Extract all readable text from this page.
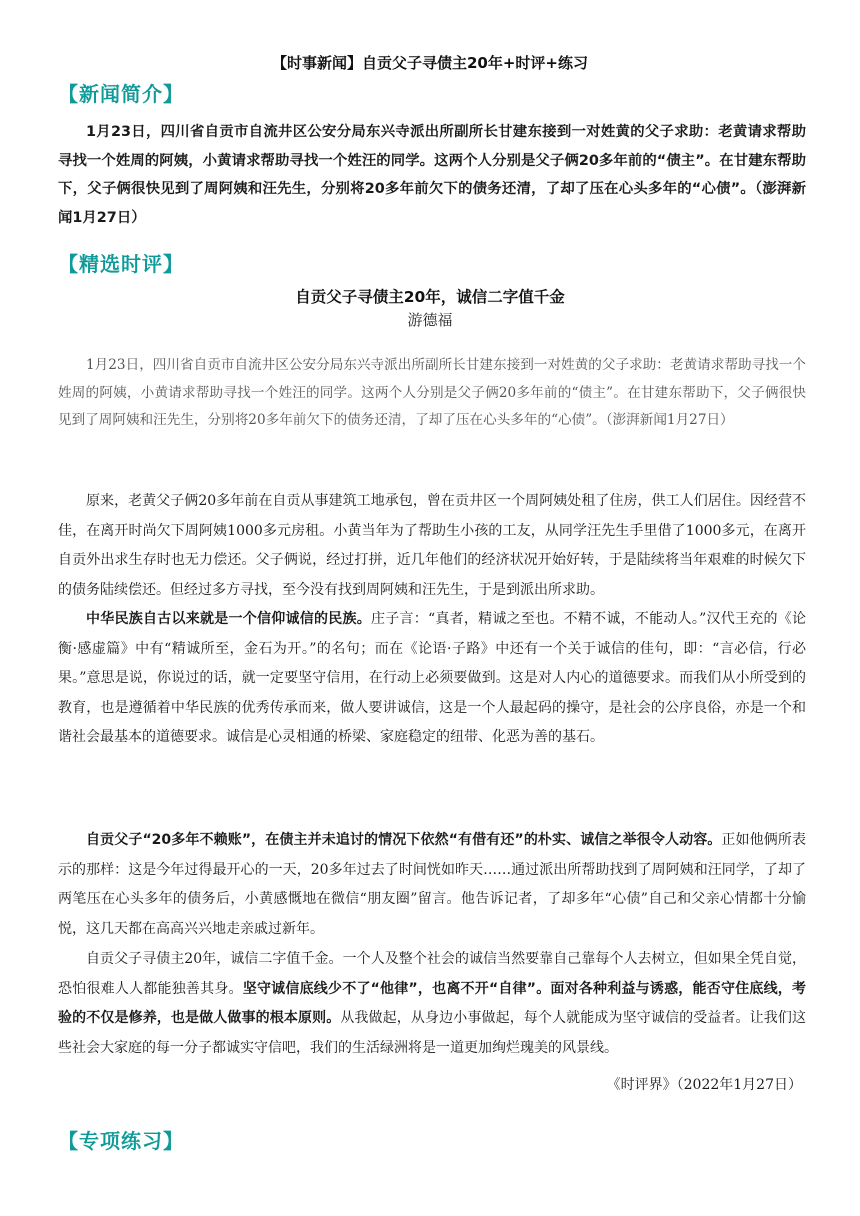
【时事新闻】自贡父子寻债主20年+时评+练习
【新闻简介】

1月23日，四川省自贡市自流井区公安分局东兴寺派出所副所长甘建东接到一对姓黄的父子求助：老黄请求帮助寻找一个姓周的阿姨，小黄请求帮助寻找一个姓汪的同学。这两个人分别是父子俩20多年前的“债主”。在甘建东帮助下，父子俩很快见到了周阿姨和汪先生，分别将20多年前欠下的债务还清，了却了压在心头多年的“心债”。（澎湃新闻1月27日）

【精选时评】
自贡父子寻债主20年，诚信二字值千金
游德福

1月23日，四川省自贡市自流井区公安分局东兴寺派出所副所长甘建东接到一对姓黄的父子求助：老黄请求帮助寻找一个姓周的阿姨，小黄请求帮助寻找一个姓汪的同学。这两个人分别是父子俩20多年前的“债主”。在甘建东帮助下，父子俩很快见到了周阿姨和汪先生，分别将20多年前欠下的债务还清，了却了压在心头多年的“心债”。（澎湃新闻1月27日）

原来，老黄父子俩20多年前在自贡从事建筑工地承包，曾在贡井区一个周阿姨处租了住房，供工人们居住。因经营不佳，在离开时尚欠下周阿姨1000多元房租。小黄当年为了帮助生小孩的工友，从同学汪先生手里借了1000多元，在离开自贡外出求生存时也无力偿还。父子俩说，经过打拼，近几年他们的经济状况开始好转，于是陆续将当年艰难的时候欠下的债务陆续偿还。但经过多方寻找，至今没有找到周阿姨和汪先生，于是到派出所求助。

中华民族自古以来就是一个信仰诚信的民族。庄子言：“真者，精诚之至也。不精不诚，不能动人。”汉代王充的《论衡·感虚篇》中有“精诚所至，金石为开。”的名句；而在《论语·子路》中还有一个关于诚信的佳句，即：“言必信，行必果。”意思是说，你说过的话，就一定要坚守信用，在行动上必须要做到。这是对人内心的道德要求。而我们从小所受到的教育，也是遵循着中华民族的优秀传承而来，做人要讲诚信，这是一个人最起码的操守，是社会的公序良俗，亦是一个和谐社会最基本的道德要求。诚信是心灵相通的桥梁、家庭稳定的纽带、化恶为善的基石。

自贡父子“20多年不赖账”，在债主并未追讨的情况下依然“有借有还”的朴实、诚信之举很令人动容。正如他俩所表示的那样：这是今年过得最开心的一天，20多年过去了时间恍如昨天……通过派出所帮助找到了周阿姨和汪同学，了却了两笔压在心头多年的债务后，小黄感慨地在微信“朋友圈”留言。他告诉记者，了却多年“心债”自己和父亲心情都十分愉悦，这几天都在高高兴兴地走亲戚过新年。

自贡父子寻债主20年，诚信二字值千金。一个人及整个社会的诚信当然要靠自己靠每个人去树立，但如果全凭自觉，恐怕很难人人都能独善其身。坚守诚信底线少不了“他律”，也离不开“自律”。面对各种利益与诱惑，能否守住底线，考验的不仅是修养，也是做人做事的根本原则。从我做起，从身边小事做起，每个人就能成为坚守诚信的受益者。让我们这些社会大家庭的每一分子都诚实守信吧，我们的生活绿洲将是一道更加绚烂瑰美的风景线。

《时评界》（2022年1月27日）
【专项练习】
